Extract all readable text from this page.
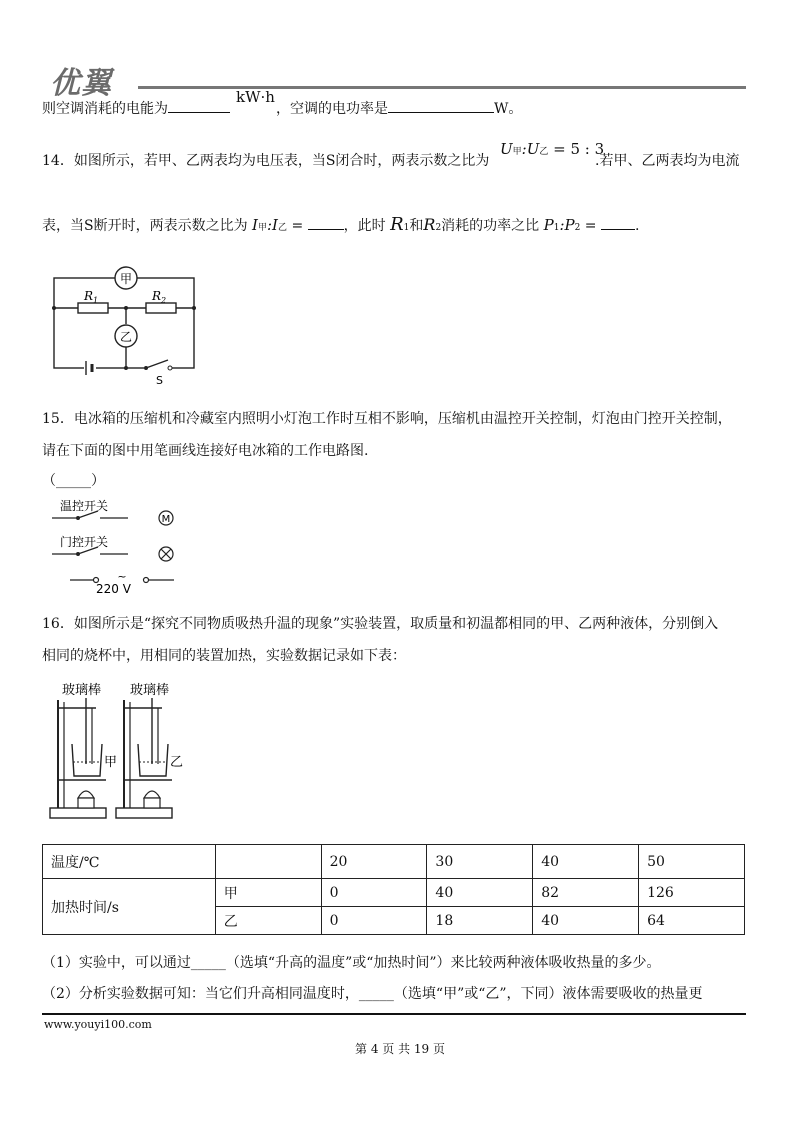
优翼
则空调消耗的电能为
kW·h
，空调的电功率是	W。
14．如图所示，若甲、乙两表均为电压表，当S闭合时，两表示数之比为
U甲:U乙 = 5 : 3
.若甲、乙两表均为电流
表，当S断开时，两表示数之比为 I甲:I乙 =	，此时 R1和R2消耗的功率之比 P1:P2 =	.
甲
乙
$R_1$	$R_2$
S
15．电冰箱的压缩机和冷藏室内照明小灯泡工作时互相不影响，压缩机由温控开关控制，灯泡由门控开关控制，
请在下面的图中用笔画线连接好电冰箱的工作电路图.
（_____）
温控开关
M
门控开关
~
220 V
16．如图所示是“探究不同物质吸热升温的现象”实验装置，取质量和初温都相同的甲、乙两种液体，分别倒入
相同的烧杯中，用相同的装置加热，实验数据记录如下表：
玻璃棒 玻璃棒
甲	乙
温度/℃		20	30	40	50
加热时间/s	甲	0	40	82	126
	乙	0	18	40	64
（1）实验中，可以通过_____（选填“升高的温度”或“加热时间”）来比较两种液体吸收热量的多少。
（2）分析实验数据可知：当它们升高相同温度时，_____（选填“甲”或“乙”，下同）液体需要吸收的热量更
www.youyi100.com
第 4 页 共 19 页
